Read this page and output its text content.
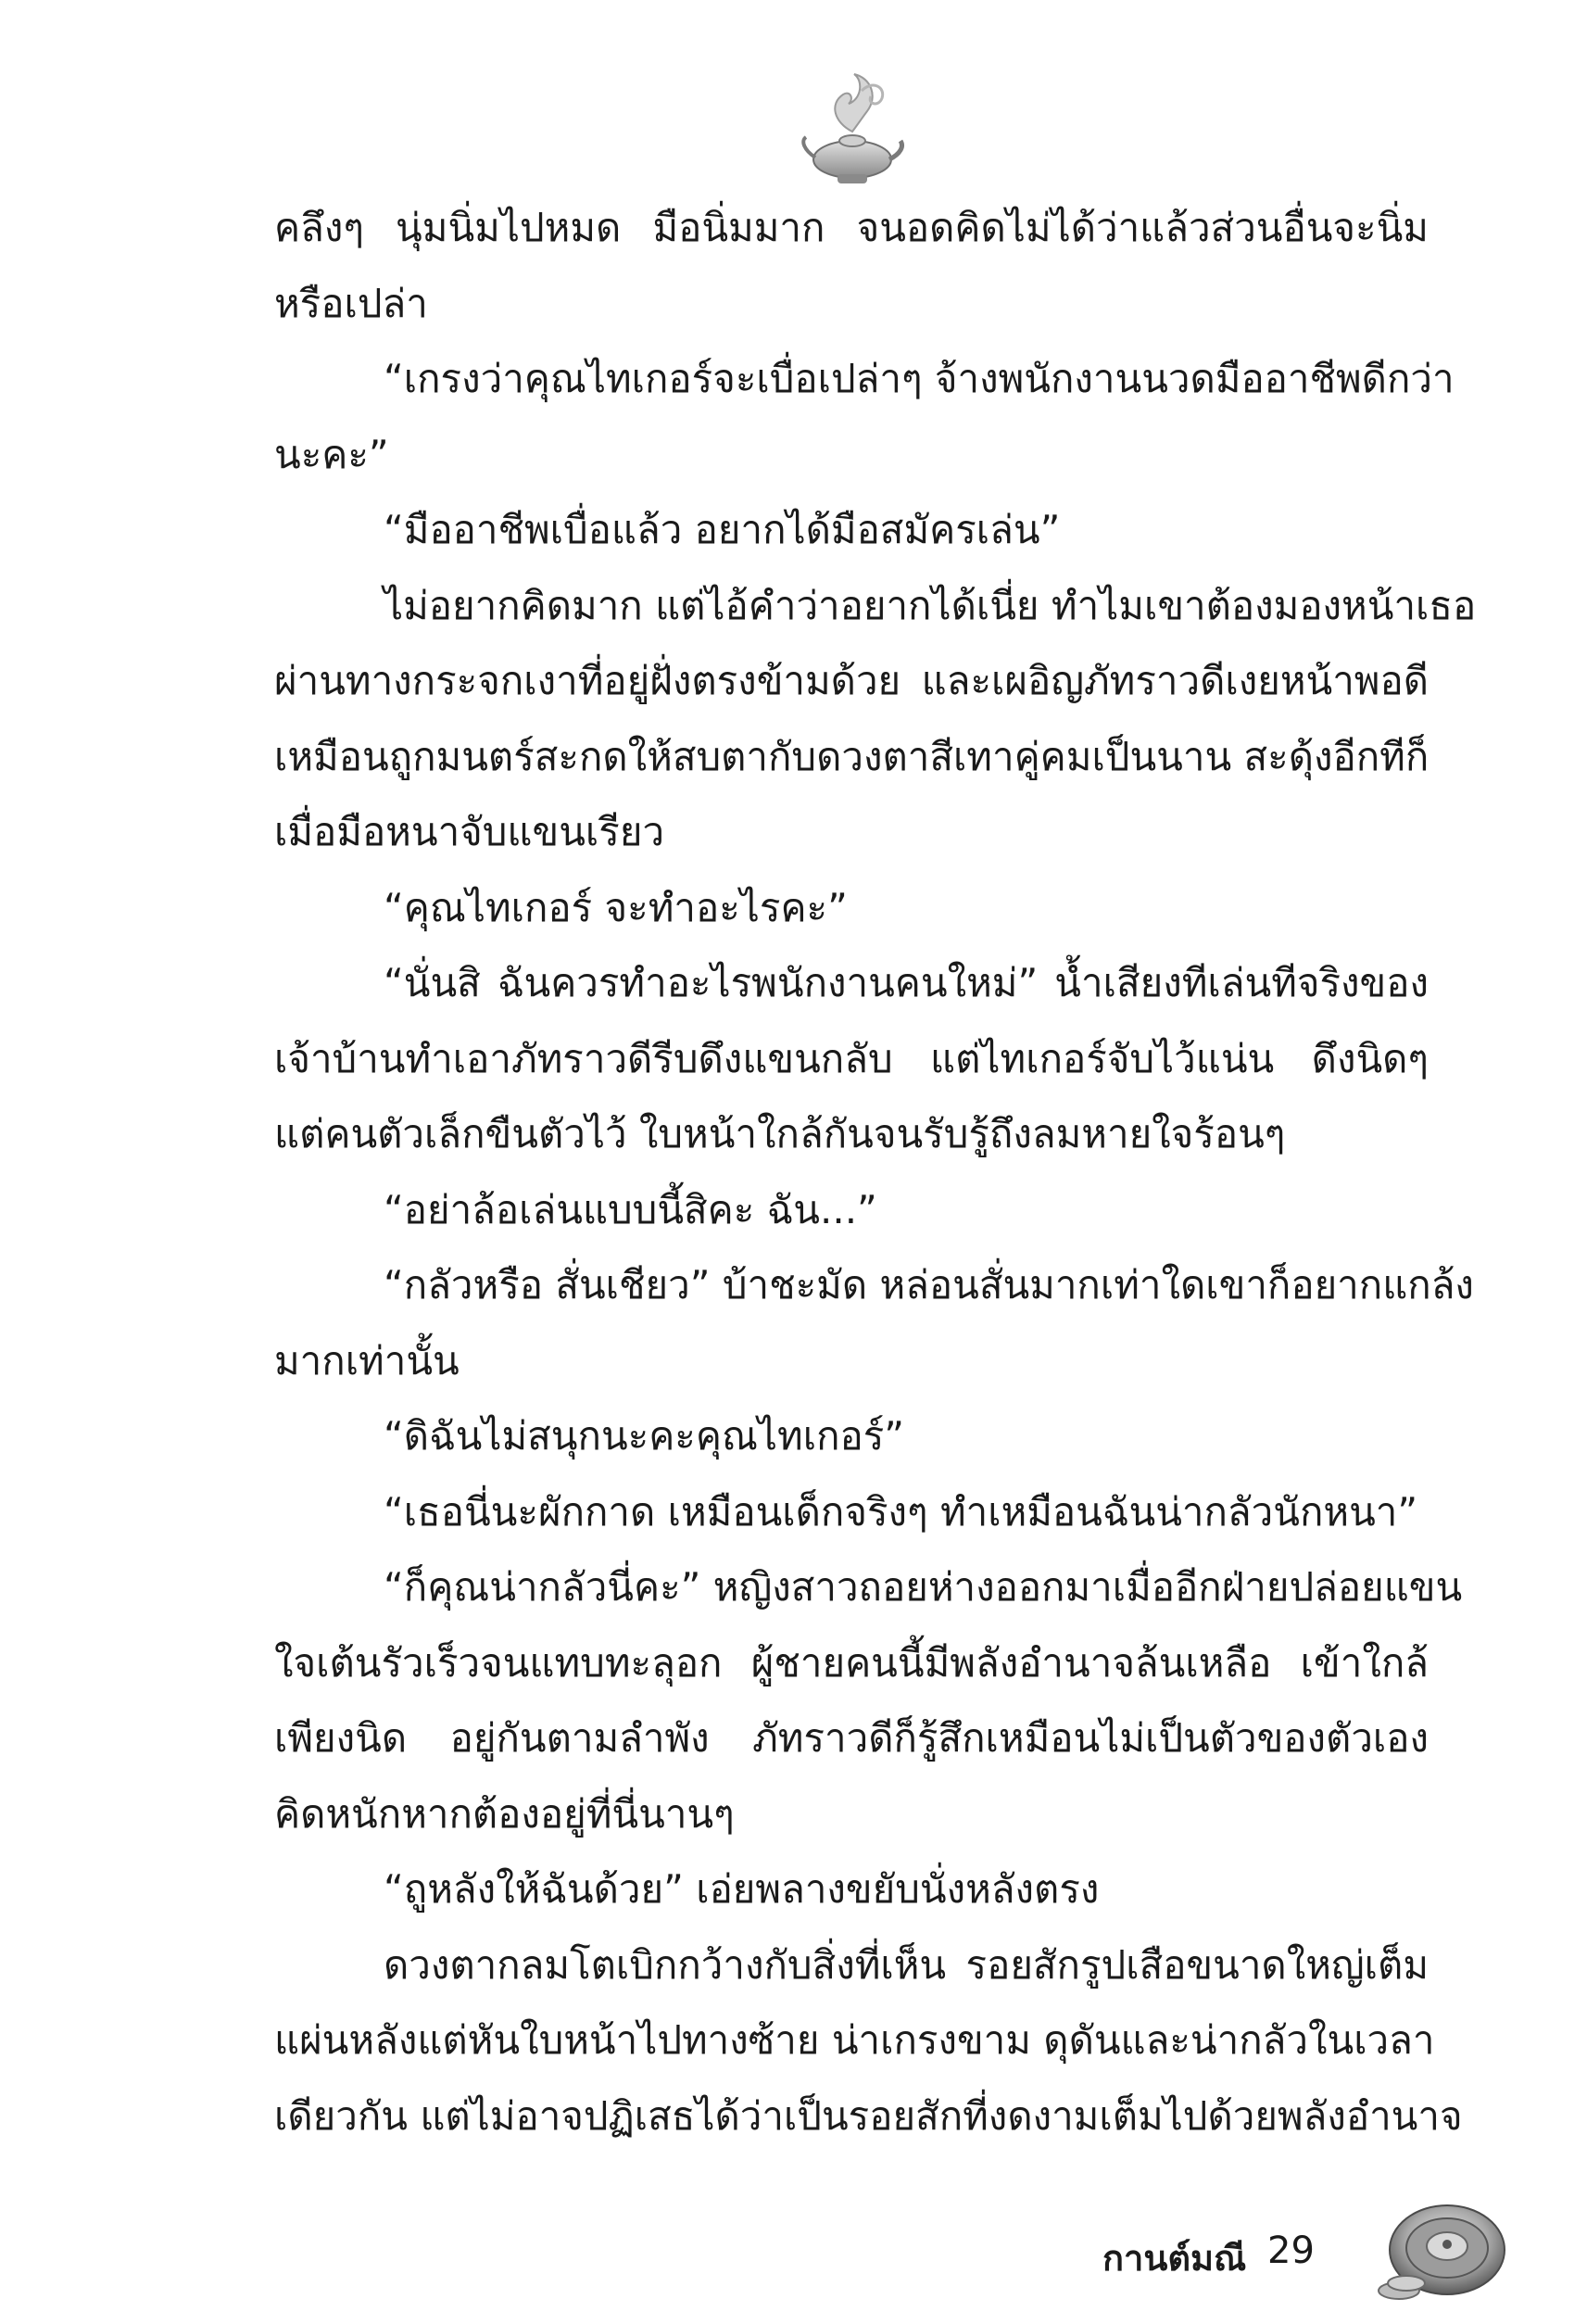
คลึงๆ นุ่มนิ่มไปหมด มือนิ่มมาก จนอดคิดไม่ได้ว่าแล้วส่วนอื่นจะนิ่ม
หรือเปล่า
“เกรงว่าคุณไทเกอร์จะเบื่อเปล่าๆ จ้างพนักงานนวดมืออาชีพดีกว่า
นะคะ”
“มืออาชีพเบื่อแล้ว อยากได้มือสมัครเล่น”
ไม่อยากคิดมาก แต่ไอ้คำว่าอยากได้เนี่ย ทำไมเขาต้องมองหน้าเธอ
ผ่านทางกระจกเงาที่อยู่ฝั่งตรงข้ามด้วย และเผอิญภัทราวดีเงยหน้าพอดี
เหมือนถูกมนตร์สะกดให้สบตากับดวงตาสีเทาคู่คมเป็นนาน สะดุ้งอีกทีก็
เมื่อมือหนาจับแขนเรียว
“คุณไทเกอร์ จะทำอะไรคะ”
“นั่นสิ ฉันควรทำอะไรพนักงานคนใหม่” น้ำเสียงทีเล่นทีจริงของ
เจ้าบ้านทำเอาภัทราวดีรีบดึงแขนกลับ แต่ไทเกอร์จับไว้แน่น ดึงนิดๆ
แต่คนตัวเล็กขืนตัวไว้ ใบหน้าใกล้กันจนรับรู้ถึงลมหายใจร้อนๆ
“อย่าล้อเล่นแบบนี้สิคะ ฉัน...”
“กลัวหรือ สั่นเชียว” บ้าชะมัด หล่อนสั่นมากเท่าใดเขาก็อยากแกล้ง
มากเท่านั้น
“ดิฉันไม่สนุกนะคะคุณไทเกอร์”
“เธอนี่นะผักกาด เหมือนเด็กจริงๆ ทำเหมือนฉันน่ากลัวนักหนา”
“ก็คุณน่ากลัวนี่คะ” หญิงสาวถอยห่างออกมาเมื่ออีกฝ่ายปล่อยแขน
ใจเต้นรัวเร็วจนแทบทะลุอก ผู้ชายคนนี้มีพลังอำนาจล้นเหลือ เข้าใกล้
เพียงนิด อยู่กันตามลำพัง ภัทราวดีก็รู้สึกเหมือนไม่เป็นตัวของตัวเอง
คิดหนักหากต้องอยู่ที่นี่นานๆ
“ถูหลังให้ฉันด้วย” เอ่ยพลางขยับนั่งหลังตรง
ดวงตากลมโตเบิกกว้างกับสิ่งที่เห็น รอยสักรูปเสือขนาดใหญ่เต็ม
แผ่นหลังแต่หันใบหน้าไปทางซ้าย น่าเกรงขาม ดุดันและน่ากลัวในเวลา
เดียวกัน แต่ไม่อาจปฏิเสธได้ว่าเป็นรอยสักที่งดงามเต็มไปด้วยพลังอำนาจ
กานต์มณี 29
